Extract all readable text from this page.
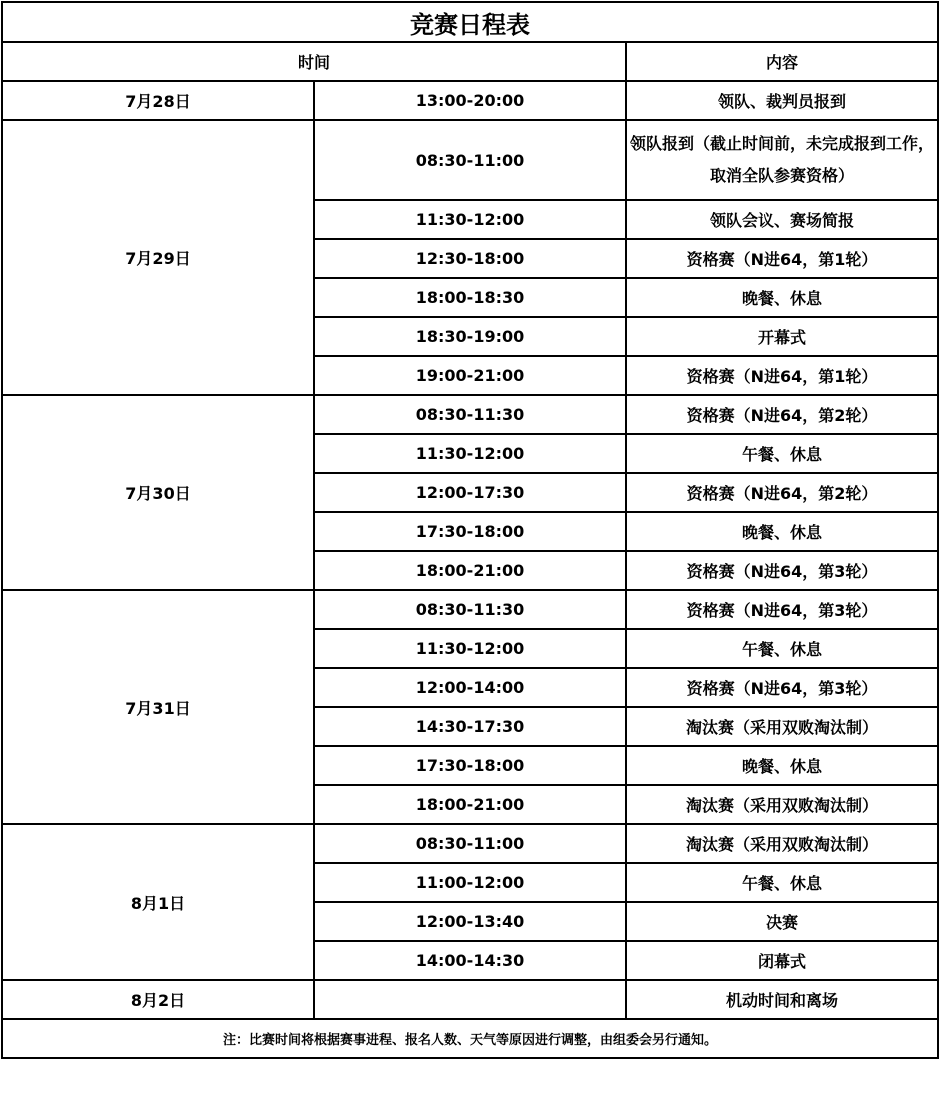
竞赛日程表		
时间		内容
7月28日	13:00-20:00	领队、裁判员报到
7月29日	08:30-11:00	领队报到（截止时间前，未完成报到工作，取消全队参赛资格）

	11:30-12:00	领队会议、赛场简报
	12:30-18:00	资格赛（N进64，第1轮）
	18:00-18:30	晚餐、休息
	18:30-19:00	开幕式
	19:00-21:00	资格赛（N进64，第1轮）
7月30日	08:30-11:30	资格赛（N进64，第2轮）
	11:30-12:00	午餐、休息
	12:00-17:30	资格赛（N进64，第2轮）
	17:30-18:00	晚餐、休息
	18:00-21:00	资格赛（N进64，第3轮）
7月31日	08:30-11:30	资格赛（N进64，第3轮）
	11:30-12:00	午餐、休息
	12:00-14:00	资格赛（N进64，第3轮）
	14:30-17:30	淘汰赛（采用双败淘汰制）
	17:30-18:00	晚餐、休息
	18:00-21:00	淘汰赛（采用双败淘汰制）
8月1日	08:30-11:00	淘汰赛（采用双败淘汰制）
	11:00-12:00	午餐、休息
	12:00-13:40	决赛
	14:00-14:30	闭幕式
8月2日		机动时间和离场
注：比赛时间将根据赛事进程、报名人数、天气等原因进行调整，由组委会另行通知。		
